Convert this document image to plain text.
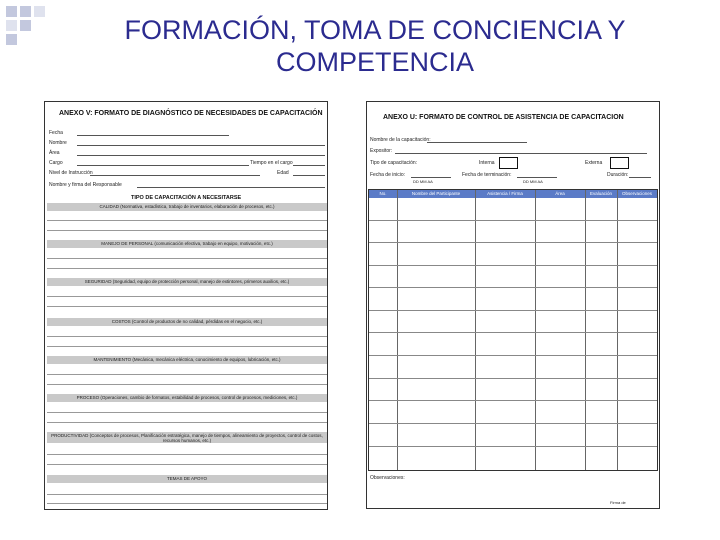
FORMACIÓN, TOMA DE CONCIENCIA Y COMPETENCIA
ANEXO V: FORMATO DE DIAGNÓSTICO DE NECESIDADES DE CAPACITACIÓN
Fecha
Nombre
Área
Cargo	Tiempo en el cargo
Nivel de Instrucción	Edad
Nombre y firma del Responsable
TIPO DE CAPACITACIÓN A NECESITARSE
CALIDAD (Normativa, estadística, trabajo de inventarios, elaboración de procesos, etc.)
MANEJO DE PERSONAL (comunicación efectiva, trabajo en equipo, motivación, etc.)
SEGURIDAD (Seguridad, equipo de protección personal, manejo de extintores, primeros auxilios, etc.)
COSTOS (Control de productos de no calidad, pérdidas en el negocio, etc.)
MANTENIMIENTO (Mecánica, mecánica eléctrica, conocimiento de equipos, lubricación, etc.)
PROCESO (Operaciones, cambio de formatos, estabilidad de procesos, control de procesos, mediciones, etc.)
PRODUCTIVIDAD (Conceptos de procesos, Planificación estratégica, manejo de tiempos, alineamiento de proyectos, control de costos, recursos humanos, etc.)
TEMAS DE APOYO
ANEXO U: FORMATO DE CONTROL DE ASISTENCIA DE CAPACITACION
Nombre de la capacitación:
Expositor:
Tipo de capacitación:	Interna	Externa
Fecha de inicio:	Fecha de terminación:	Duración:
DD MM AA	DD MM AA
No.	Nombre del Participante	Asistencia / Firma	Área	Evaluación	Observaciones
Observaciones:
Firma de
